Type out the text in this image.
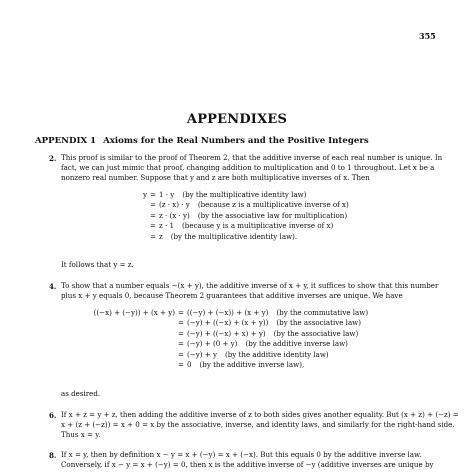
355
APPENDIXES
APPENDIX 1 Axioms for the Real Numbers and the Positive Integers
2. This proof is similar to the proof of Theorem 2, that the additive inverse of each real number is unique. In
fact, we can just mimic that proof, changing addition to multiplication and 0 to 1 throughout. Let x be a
nonzero real number. Suppose that y and z are both multiplicative inverses of x. Then
y = 1 · y (by the multiplicative identity law)
= (z · x) · y (because z is a multiplicative inverse of x)
= z · (x · y) (by the associative law for multiplication)
= z · 1 (because y is a multiplicative inverse of x)
= z (by the multiplicative identity law).
It follows that y = z.
4. To show that a number equals −(x + y), the additive inverse of x + y, it suffices to show that this number
plus x + y equals 0, because Theorem 2 guarantees that additive inverses are unique. We have
((−x) + (−y)) + (x + y) = ((−y) + (−x)) + (x + y) (by the commutative law)
= (−y) + ((−x) + (x + y)) (by the associative law)
= (−y) + ((−x) + x) + y) (by the associative law)
= (−y) + (0 + y) (by the additive inverse law)
= (−y) + y (by the additive identity law)
= 0 (by the additive inverse law),
as desired.
6. If x + z = y + z, then adding the additive inverse of z to both sides gives another equality. But (x + z) + (−z) =
x + (z + (−z)) = x + 0 = x by the associative, inverse, and identity laws, and similarly for the right-hand side.
Thus x = y.
8. If x = y, then by definition x − y = x + (−y) = x + (−x). But this equals 0 by the additive inverse law.
Conversely, if x − y = x + (−y) = 0, then x is the additive inverse of −y (additive inverses are unique by
